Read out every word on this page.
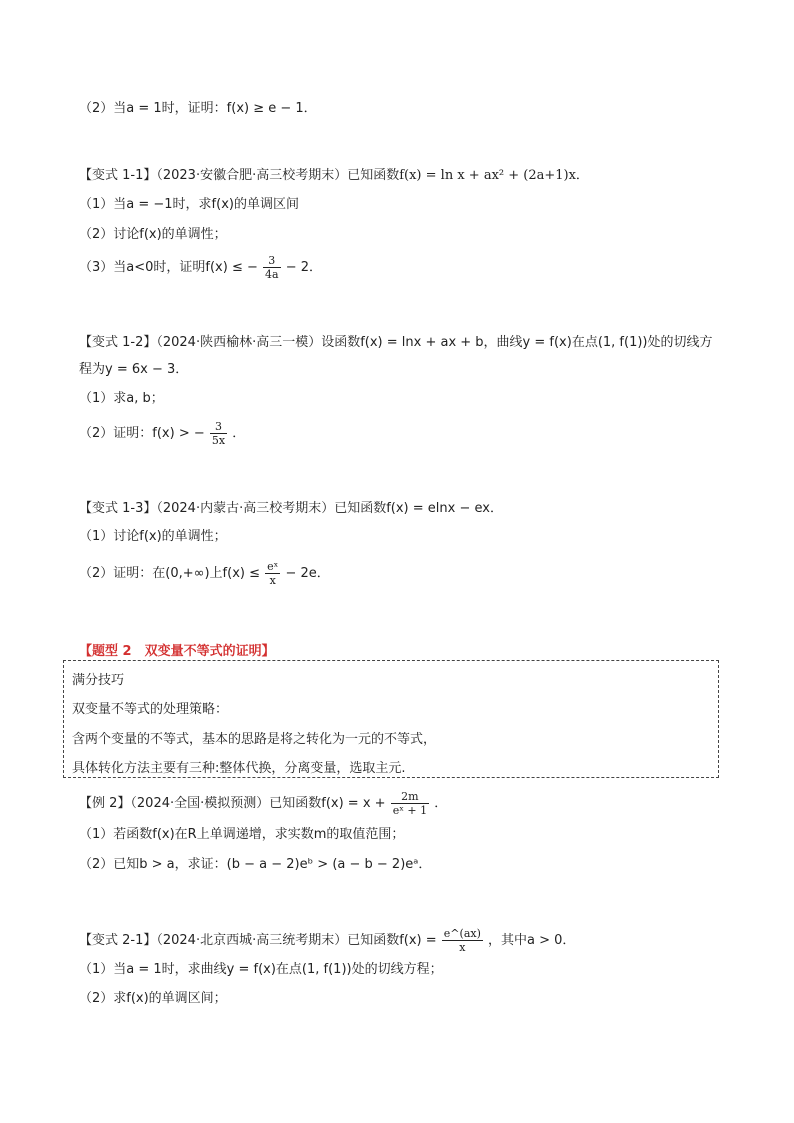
（2）当a = 1时，证明：f(x) ≥ e − 1．
【变式 1-1】（2023·安徽合肥·高三校考期末）已知函数f(x) = ln x + ax² + (2a+1)x．
（1）当a = −1时，求f(x)的单调区间
（2）讨论f(x)的单调性；
（3）当a<0时，证明f(x) ≤ − $\frac{3}{4a} - 2$．
【变式 1-2】（2024·陕西榆林·高三一模）设函数f(x) = lnx + ax + b，曲线y = f(x)在点(1, f(1))处的切线方
程为y = 6x − 3．
（1）求a, b；
（2）证明：f(x) > − $\frac{3}{5x}$ ．
【变式 1-3】（2024·内蒙古·高三校考期末）已知函数f(x) = elnx − ex．
（1）讨论f(x)的单调性；
（2）证明：在(0,+∞)上$f(x) \le \frac{\text{eˣ}}{x} - 2e$．
【题型 2　双变量不等式的证明】
满分技巧
双变量不等式的处理策略：
含两个变量的不等式，基本的思路是将之转化为一元的不等式，
具体转化方法主要有三种:整体代换，分离变量，选取主元.
【例 2】（2024·全国·模拟预测）已知函数$f(x) = x + \frac{2m}{\text{eˣ + 1}}$ ．
（1）若函数f(x)在R上单调递增，求实数m的取值范围；
（2）已知b > a，求证：(b − a − 2)eᵇ > (a − b − 2)eᵃ．
【变式 2-1】（2024·北京西城·高三统考期末）已知函数$f(x) = \frac{e\^{}(ax)}{x}$ ，其中a > 0．
（1）当a = 1时，求曲线y = f(x)在点(1, f(1))处的切线方程；
（2）求f(x)的单调区间；
